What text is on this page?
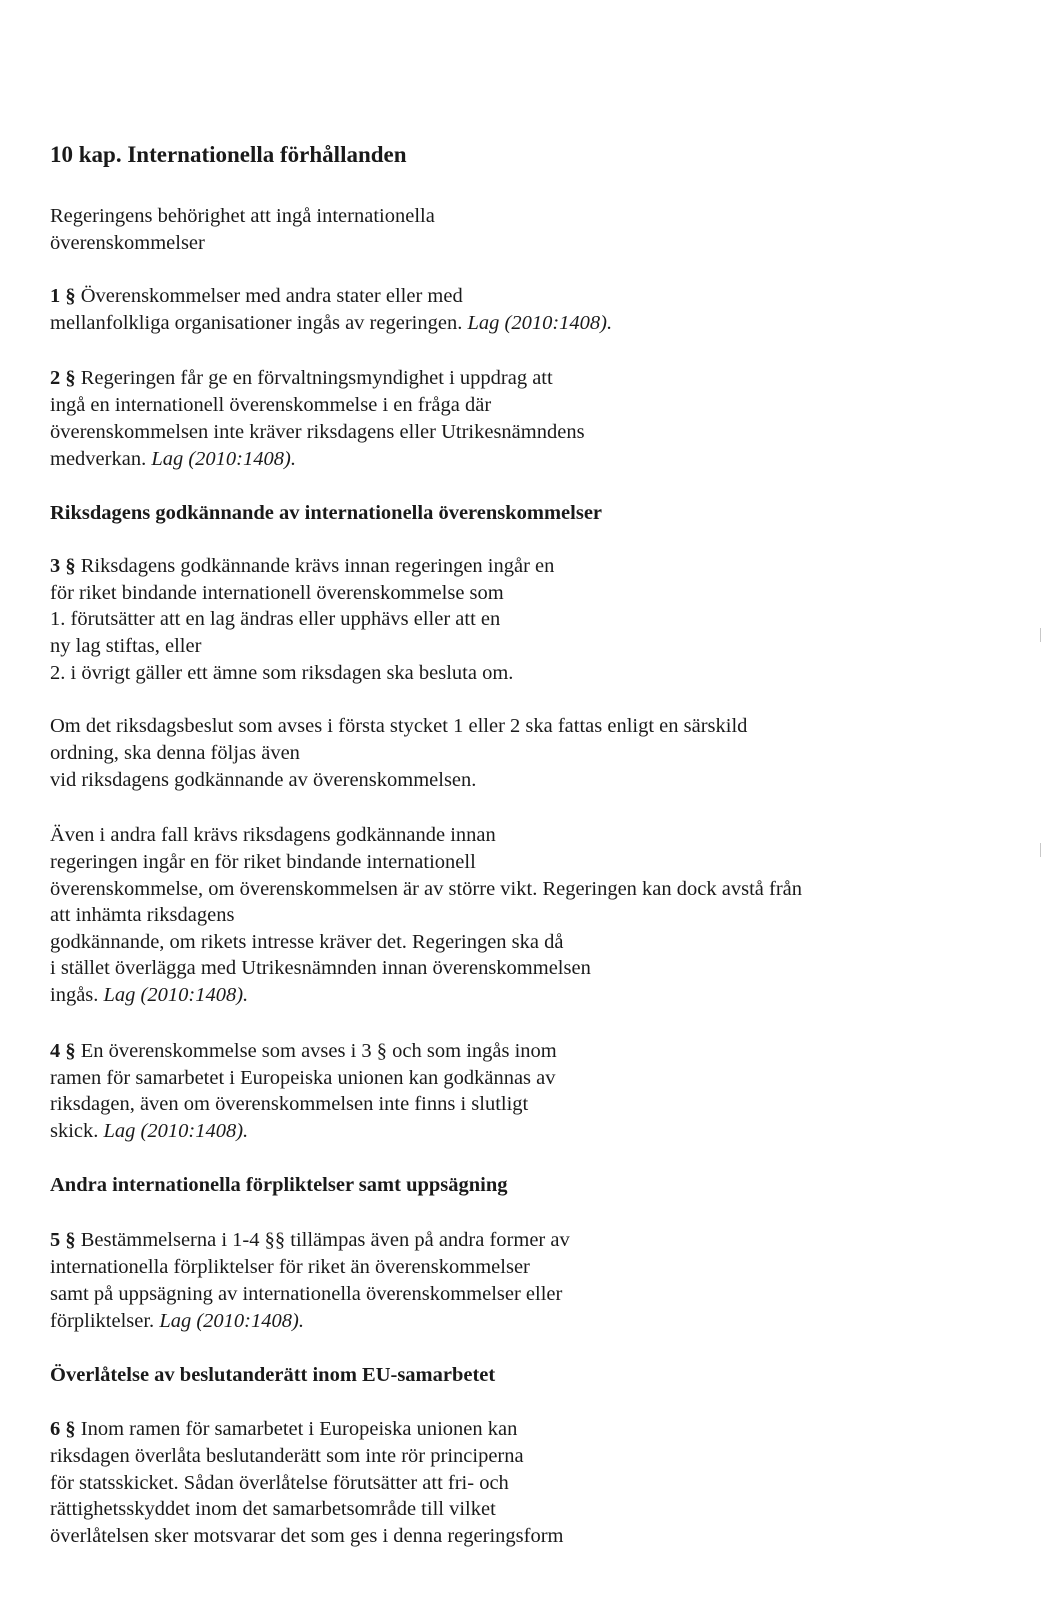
10 kap. Internationella förhållanden
Regeringens behörighet att ingå internationella
överenskommelser
1 § Överenskommelser med andra stater eller med
mellanfolkliga organisationer ingås av regeringen. Lag (2010:1408).
2 § Regeringen får ge en förvaltningsmyndighet i uppdrag att
ingå en internationell överenskommelse i en fråga där
överenskommelsen inte kräver riksdagens eller Utrikesnämndens
medverkan. Lag (2010:1408).
Riksdagens godkännande av internationella överenskommelser
3 § Riksdagens godkännande krävs innan regeringen ingår en
för riket bindande internationell överenskommelse som
1. förutsätter att en lag ändras eller upphävs eller att en
ny lag stiftas, eller
2. i övrigt gäller ett ämne som riksdagen ska besluta om.
Om det riksdagsbeslut som avses i första stycket 1 eller 2 ska fattas enligt en särskild
ordning, ska denna följas även
vid riksdagens godkännande av överenskommelsen.
Även i andra fall krävs riksdagens godkännande innan
regeringen ingår en för riket bindande internationell
överenskommelse, om överenskommelsen är av större vikt. Regeringen kan dock avstå från
att inhämta riksdagens
godkännande, om rikets intresse kräver det. Regeringen ska då
i stället överlägga med Utrikesnämnden innan överenskommelsen
ingås. Lag (2010:1408).
4 § En överenskommelse som avses i 3 § och som ingås inom
ramen för samarbetet i Europeiska unionen kan godkännas av
riksdagen, även om överenskommelsen inte finns i slutligt
skick. Lag (2010:1408).
Andra internationella förpliktelser samt uppsägning
5 § Bestämmelserna i 1-4 §§ tillämpas även på andra former av
internationella förpliktelser för riket än överenskommelser
samt på uppsägning av internationella överenskommelser eller
förpliktelser. Lag (2010:1408).
Överlåtelse av beslutanderätt inom EU-samarbetet
6 § Inom ramen för samarbetet i Europeiska unionen kan
riksdagen överlåta beslutanderätt som inte rör principerna
för statsskicket. Sådan överlåtelse förutsätter att fri- och
rättighetsskyddet inom det samarbetsområde till vilket
överlåtelsen sker motsvarar det som ges i denna regeringsform
